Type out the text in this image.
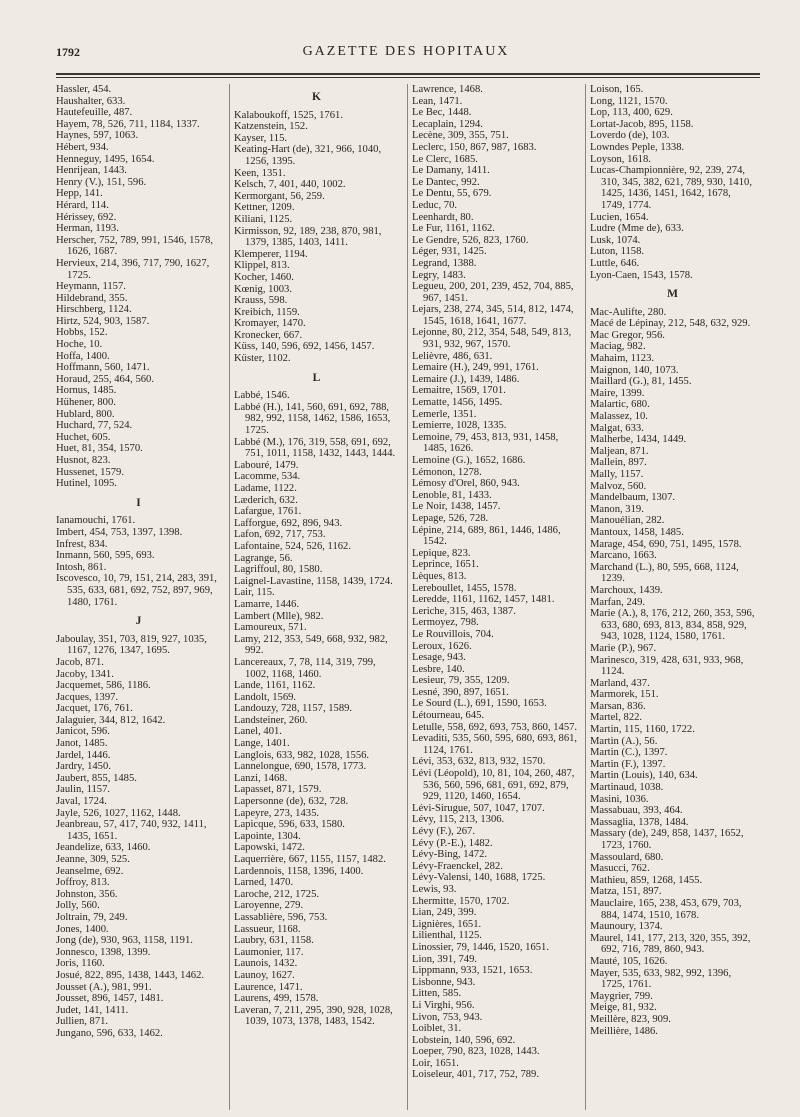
1792	GAZETTE DES HOPITAUX

Hassler, 454.

Haushalter, 633.

Hautefeuille, 487.

Hayem, 78, 526, 711, 1184, 1337.

Haynes, 597, 1063.

Hébert, 934.

Henneguy, 1495, 1654.

Henrijean, 1443.

Henry (V.), 151, 596.

Hepp, 141.

Hérard, 114.

Hérissey, 692.

Herman, 1193.

Herscher, 752, 789, 991, 1546, 1578, 1626, 1687.

Hervieux, 214, 396, 717, 790, 1627, 1725.

Heymann, 1157.

Hildebrand, 355.

Hirschberg, 1124.

Hirtz, 524, 903, 1587.

Hobbs, 152.

Hoche, 10.

Hoffa, 1400.

Hoffmann, 560, 1471.

Horaud, 255, 464, 560.

Hornus, 1485.

Hühener, 800.

Hublard, 800.

Huchard, 77, 524.

Huchet, 605.

Huet, 81, 354, 1570.

Husnot, 823.

Hussenet, 1579.

Hutinel, 1095.

I

Ianamouchi, 1761.

Imbert, 454, 753, 1397, 1398.

Infrest, 834.

Inmann, 560, 595, 693.

Intosh, 861.

Iscovesco, 10, 79, 151, 214, 283, 391, 535, 633, 681, 692, 752, 897, 969, 1480, 1761.

J

Jaboulay, 351, 703, 819, 927, 1035, 1167, 1276, 1347, 1695.

Jacob, 871.

Jacoby, 1341.

Jacquemet, 586, 1186.

Jacques, 1397.

Jacquet, 176, 761.

Jalaguier, 344, 812, 1642.

Janicot, 596.

Janot, 1485.

Jardel, 1446.

Jardry, 1450.

Jaubert, 855, 1485.

Jaulin, 1157.

Javal, 1724.

Jayle, 526, 1027, 1162, 1448.

Jeanbreau, 57, 417, 740, 932, 1411, 1435, 1651.

Jeandelize, 633, 1460.

Jeanne, 309, 525.

Jeanselme, 692.

Joffroy, 813.

Johnston, 356.

Jolly, 560.

Joltrain, 79, 249.

Jones, 1400.

Jong (de), 930, 963, 1158, 1191.

Jonnesco, 1398, 1399.

Joris, 1160.

Josué, 822, 895, 1438, 1443, 1462.

Jousset (A.), 981, 991.

Jousset, 896, 1457, 1481.

Judet, 141, 1411.

Jullien, 871.

Jungano, 596, 633, 1462.

K

Kalaboukoff, 1525, 1761.

Katzenstein, 152.

Kayser, 115.

Keating-Hart (de), 321, 966, 1040, 1256, 1395.

Keen, 1351.

Kelsch, 7, 401, 440, 1002.

Kermorgant, 56, 259.

Kettner, 1209.

Kiliani, 1125.

Kirmisson, 92, 189, 238, 870, 981, 1379, 1385, 1403, 1411.

Klemperer, 1194.

Klippel, 813.

Kocher, 1460.

Kœnig, 1003.

Krauss, 598.

Kreibich, 1159.

Kromayer, 1470.

Kronecker, 667.

Küss, 140, 596, 692, 1456, 1457.

Küster, 1102.

L

Labbé, 1546.

Labbé (H.), 141, 560, 691, 692, 788, 982, 992, 1158, 1462, 1586, 1653, 1725.

Labbé (M.), 176, 319, 558, 691, 692, 751, 1011, 1158, 1432, 1443, 1444.

Labouré, 1479.

Lacomme, 534.

Ladame, 1122.

Læderich, 632.

Lafargue, 1761.

Lafforgue, 692, 896, 943.

Lafon, 692, 717, 753.

Lafontaine, 524, 526, 1162.

Lagrange, 56.

Lagriffoul, 80, 1580.

Laignel-Lavastine, 1158, 1439, 1724.

Lair, 115.

Lamarre, 1446.

Lambert (Mlle), 982.

Lamoureux, 571.

Lamy, 212, 353, 549, 668, 932, 982, 992.

Lancereaux, 7, 78, 114, 319, 799, 1002, 1168, 1460.

Lande, 1161, 1162.

Landolt, 1569.

Landouzy, 728, 1157, 1589.

Landsteiner, 260.

Lanel, 401.

Lange, 1401.

Langlois, 633, 982, 1028, 1556.

Lannelongue, 690, 1578, 1773.

Lanzi, 1468.

Lapasset, 871, 1579.

Lapersonne (de), 632, 728.

Lapeyre, 273, 1435.

Lapicque, 596, 633, 1580.

Lapointe, 1304.

Lapowski, 1472.

Laquerrière, 667, 1155, 1157, 1482.

Lardennois, 1158, 1396, 1400.

Larned, 1470.

Laroche, 212, 1725.

Laroyenne, 279.

Lassablière, 596, 753.

Lassueur, 1168.

Laubry, 631, 1158.

Laumonier, 117.

Launois, 1432.

Launoy, 1627.

Laurence, 1471.

Laurens, 499, 1578.

Laveran, 7, 211, 295, 390, 928, 1028, 1039, 1073, 1378, 1483, 1542.

Lawrence, 1468.

Lean, 1471.

Le Bec, 1448.

Lecaplain, 1294.

Lecène, 309, 355, 751.

Leclerc, 150, 867, 987, 1683.

Le Clerc, 1685.

Le Damany, 1411.

Le Dantec, 992.

Le Dentu, 55, 679.

Leduc, 70.

Leenhardt, 80.

Le Fur, 1161, 1162.

Le Gendre, 526, 823, 1760.

Léger, 931, 1425.

Legrand, 1388.

Legry, 1483.

Legueu, 200, 201, 239, 452, 704, 885, 967, 1451.

Lejars, 238, 274, 345, 514, 812, 1474, 1545, 1618, 1641, 1677.

Lejonne, 80, 212, 354, 548, 549, 813, 931, 932, 967, 1570.

Lelièvre, 486, 631.

Lemaire (H.), 249, 991, 1761.

Lemaire (J.), 1439, 1486.

Lemaitre, 1569, 1701.

Lematte, 1456, 1495.

Lemerle, 1351.

Lemierre, 1028, 1335.

Lemoine, 79, 453, 813, 931, 1458, 1485, 1626.

Lemoine (G.), 1652, 1686.

Lémonon, 1278.

Lémosy d'Orel, 860, 943.

Lenoble, 81, 1433.

Le Noir, 1438, 1457.

Lepage, 526, 728.

Lépine, 214, 689, 861, 1446, 1486, 1542.

Lepique, 823.

Leprince, 1651.

Lèques, 813.

Lereboullet, 1455, 1578.

Leredde, 1161, 1162, 1457, 1481.

Leriche, 315, 463, 1387.

Lermoyez, 798.

Le Rouvillois, 704.

Leroux, 1626.

Lesage, 943.

Lesbre, 140.

Lesieur, 79, 355, 1209.

Lesné, 390, 897, 1651.

Le Sourd (L.), 691, 1590, 1653.

Létourneau, 645.

Letulle, 558, 692, 693, 753, 860, 1457.

Levaditi, 535, 560, 595, 680, 693, 861, 1124, 1761.

Lévi, 353, 632, 813, 932, 1570.

Lévi (Léopold), 10, 81, 104, 260, 487, 536, 560, 596, 681, 691, 692, 879, 929, 1120, 1460, 1654.

Lévi-Sirugue, 507, 1047, 1707.

Lévy, 115, 213, 1306.

Lévy (F.), 267.

Lévy (P.-E.), 1482.

Lévy-Bing, 1472.

Lévy-Fraenckel, 282.

Lévy-Valensi, 140, 1688, 1725.

Lewis, 93.

Lhermitte, 1570, 1702.

Lian, 249, 399.

Lignières, 1651.

Lilienthal, 1125.

Linossier, 79, 1446, 1520, 1651.

Lion, 391, 749.

Lippmann, 933, 1521, 1653.

Lisbonne, 943.

Litten, 585.

Li Virghi, 956.

Livon, 753, 943.

Loiblet, 31.

Lobstein, 140, 596, 692.

Loeper, 790, 823, 1028, 1443.

Loir, 1651.

Loiseleur, 401, 717, 752, 789.

Loison, 165.

Long, 1121, 1570.

Lop, 113, 400, 629.

Lortat-Jacob, 895, 1158.

Loverdo (de), 103.

Lowndes Peple, 1338.

Loyson, 1618.

Lucas-Championnière, 92, 239, 274, 310, 345, 382, 621, 789, 930, 1410, 1425, 1436, 1451, 1642, 1678, 1749, 1774.

Lucien, 1654.

Ludre (Mme de), 633.

Lusk, 1074.

Luton, 1158.

Luttle, 646.

Lyon-Caen, 1543, 1578.

M

Mac-Aulifte, 280.

Macé de Lépinay, 212, 548, 632, 929.

Mac Gregor, 956.

Maciag, 982.

Mahaim, 1123.

Maignon, 140, 1073.

Maillard (G.), 81, 1455.

Maire, 1399.

Malartic, 680.

Malassez, 10.

Malgat, 633.

Malherbe, 1434, 1449.

Maljean, 871.

Mallein, 897.

Mally, 1157.

Malvoz, 560.

Mandelbaum, 1307.

Manon, 319.

Manouélian, 282.

Mantoux, 1458, 1485.

Marage, 454, 690, 751, 1495, 1578.

Marcano, 1663.

Marchand (L.), 80, 595, 668, 1124, 1239.

Marchoux, 1439.

Marfan, 249.

Marie (A.), 8, 176, 212, 260, 353, 596, 633, 680, 693, 813, 834, 858, 929, 943, 1028, 1124, 1580, 1761.

Marie (P.), 967.

Marinesco, 319, 428, 631, 933, 968, 1124.

Marland, 437.

Marmorek, 151.

Marsan, 836.

Martel, 822.

Martin, 115, 1160, 1722.

Martin (A.), 56.

Martin (C.), 1397.

Martin (F.), 1397.

Martin (Louis), 140, 634.

Martinaud, 1038.

Masini, 1036.

Massabuau, 393, 464.

Massaglia, 1378, 1484.

Massary (de), 249, 858, 1437, 1652, 1723, 1760.

Massoulard, 680.

Masucci, 762.

Mathieu, 859, 1268, 1455.

Matza, 151, 897.

Mauclaire, 165, 238, 453, 679, 703, 884, 1474, 1510, 1678.

Maunoury, 1374.

Maurel, 141, 177, 213, 320, 355, 392, 692, 716, 789, 860, 943.

Mauté, 105, 1626.

Mayer, 535, 633, 982, 992, 1396, 1725, 1761.

Maygrier, 799.

Meige, 81, 932.

Meillère, 823, 909.

Meillière, 1486.
